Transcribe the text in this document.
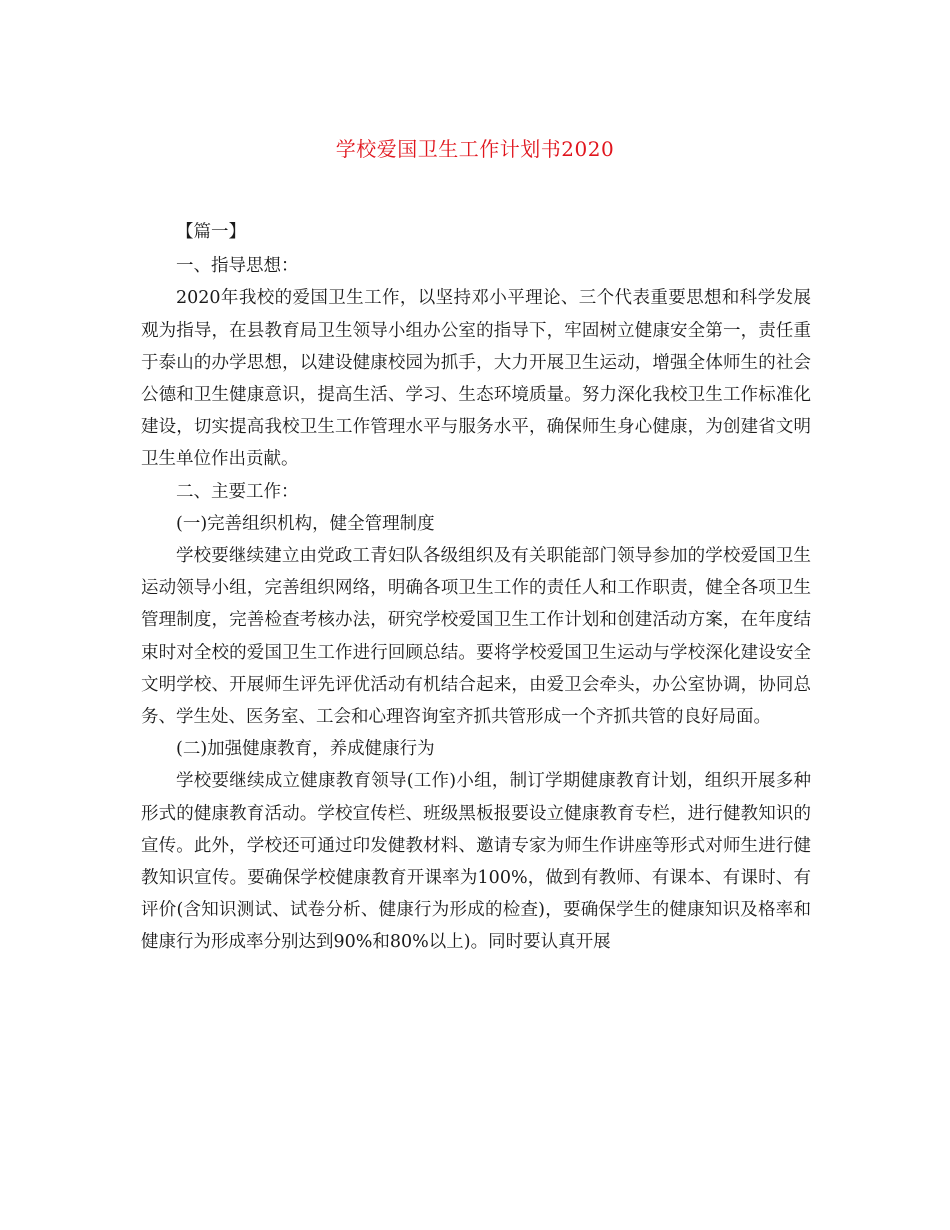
学校爱国卫生工作计划书2020

【篇一】

一、指导思想：

2020年我校的爱国卫生工作，以坚持邓小平理论、三个代表重要思想和科学发展观为指导，在县教育局卫生领导小组办公室的指导下，牢固树立健康安全第一，责任重于泰山的办学思想，以建设健康校园为抓手，大力开展卫生运动，增强全体师生的社会公德和卫生健康意识，提高生活、学习、生态环境质量。努力深化我校卫生工作标准化建设，切实提高我校卫生工作管理水平与服务水平，确保师生身心健康，为创建省文明卫生单位作出贡献。

二、主要工作：

(一)完善组织机构，健全管理制度

学校要继续建立由党政工青妇队各级组织及有关职能部门领导参加的学校爱国卫生运动领导小组，完善组织网络，明确各项卫生工作的责任人和工作职责，健全各项卫生管理制度，完善检查考核办法，研究学校爱国卫生工作计划和创建活动方案，在年度结束时对全校的爱国卫生工作进行回顾总结。要将学校爱国卫生运动与学校深化建设安全文明学校、开展师生评先评优活动有机结合起来，由爱卫会牵头，办公室协调，协同总务、学生处、医务室、工会和心理咨询室齐抓共管形成一个齐抓共管的良好局面。

(二)加强健康教育，养成健康行为

学校要继续成立健康教育领导(工作)小组，制订学期健康教育计划，组织开展多种形式的健康教育活动。学校宣传栏、班级黑板报要设立健康教育专栏，进行健教知识的宣传。此外，学校还可通过印发健教材料、邀请专家为师生作讲座等形式对师生进行健教知识宣传。要确保学校健康教育开课率为100%，做到有教师、有课本、有课时、有评价(含知识测试、试卷分析、健康行为形成的检查)，要确保学生的健康知识及格率和健康行为形成率分别达到90%和80%以上)。同时要认真开展
